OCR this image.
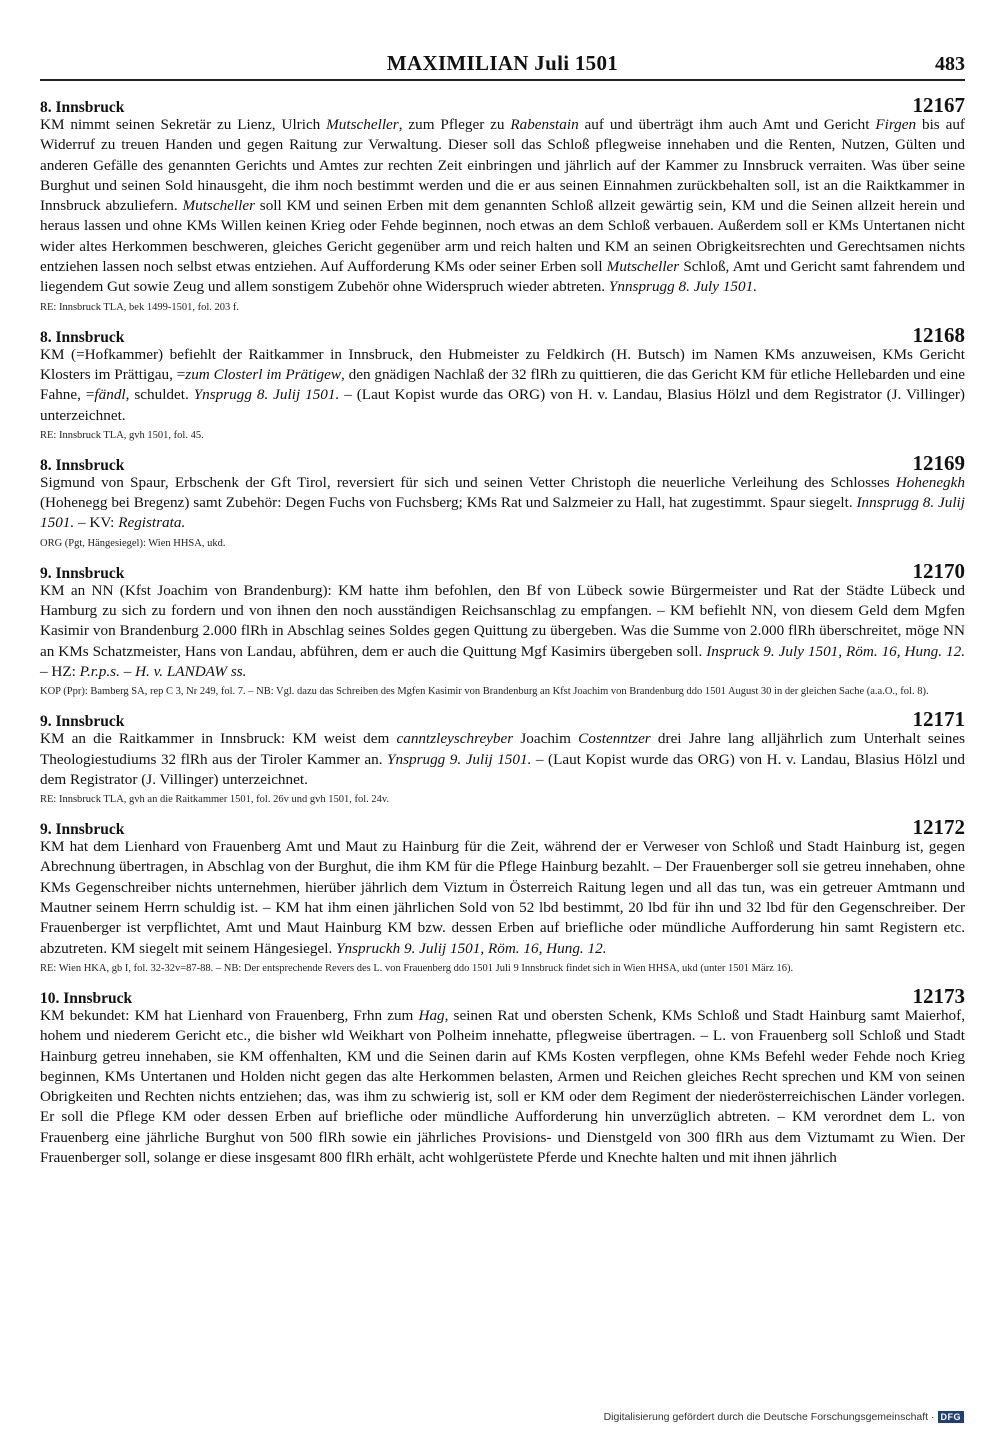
MAXIMILIAN Juli 1501	483
8. Innsbruck	12167
KM nimmt seinen Sekretär zu Lienz, Ulrich Mutscheller, zum Pfleger zu Rabenstain auf und überträgt ihm auch Amt und Gericht Firgen bis auf Widerruf zu treuen Handen und gegen Raitung zur Verwaltung. Dieser soll das Schloß pflegweise innehaben und die Renten, Nutzen, Gülten und anderen Gefälle des genannten Gerichts und Amtes zur rechten Zeit einbringen und jährlich auf der Kammer zu Innsbruck verraiten. Was über seine Burghut und seinen Sold hinausgeht, die ihm noch bestimmt werden und die er aus seinen Einnahmen zurückbehalten soll, ist an die Raiktkammer in Innsbruck abzuliefern. Mutscheller soll KM und seinen Erben mit dem genannten Schloß allzeit gewärtig sein, KM und die Seinen allzeit herein und heraus lassen und ohne KMs Willen keinen Krieg oder Fehde beginnen, noch etwas an dem Schloß verbauen. Außerdem soll er KMs Untertanen nicht wider altes Herkommen beschweren, gleiches Gericht gegenüber arm und reich halten und KM an seinen Obrigkeitsrechten und Gerechtsamen nichts entziehen lassen noch selbst etwas entziehen. Auf Aufforderung KMs oder seiner Erben soll Mutscheller Schloß, Amt und Gericht samt fahrendem und liegendem Gut sowie Zeug und allem sonstigem Zubehör ohne Widerspruch wieder abtreten. Ynnsprugg 8. July 1501.
RE: Innsbruck TLA, bek 1499-1501, fol. 203 f.
8. Innsbruck	12168
KM (=Hofkammer) befiehlt der Raitkammer in Innsbruck, den Hubmeister zu Feldkirch (H. Butsch) im Namen KMs anzuweisen, KMs Gericht Klosters im Prättigau, =zum Closterl im Prätigew, den gnädigen Nachlaß der 32 flRh zu quittieren, die das Gericht KM für etliche Hellebarden und eine Fahne, =fändl, schuldet. Ynsprugg 8. Julij 1501. – (Laut Kopist wurde das ORG) von H. v. Landau, Blasius Hölzl und dem Registrator (J. Villinger) unterzeichnet.
RE: Innsbruck TLA, gvh 1501, fol. 45.
8. Innsbruck	12169
Sigmund von Spaur, Erbschenk der Gft Tirol, reversiert für sich und seinen Vetter Christoph die neuerliche Verleihung des Schlosses Hohenegkh (Hohenegg bei Bregenz) samt Zubehör: Degen Fuchs von Fuchsberg; KMs Rat und Salzmeier zu Hall, hat zugestimmt. Spaur siegelt. Innsprugg 8. Julij 1501. – KV: Registrata.
ORG (Pgt, Hängesiegel): Wien HHSA, ukd.
9. Innsbruck	12170
KM an NN (Kfst Joachim von Brandenburg): KM hatte ihm befohlen, den Bf von Lübeck sowie Bürgermeister und Rat der Städte Lübeck und Hamburg zu sich zu fordern und von ihnen den noch ausständigen Reichsanschlag zu empfangen. – KM befiehlt NN, von diesem Geld dem Mgfen Kasimir von Brandenburg 2.000 flRh in Abschlag seines Soldes gegen Quittung zu übergeben. Was die Summe von 2.000 flRh überschreitet, möge NN an KMs Schatzmeister, Hans von Landau, abführen, dem er auch die Quittung Mgf Kasimirs übergeben soll. Inspruck 9. July 1501, Röm. 16, Hung. 12. – HZ: P.r.p.s. – H. v. LANDAW ss.
KOP (Ppr): Bamberg SA, rep C 3, Nr 249, fol. 7. – NB: Vgl. dazu das Schreiben des Mgfen Kasimir von Brandenburg an Kfst Joachim von Brandenburg ddo 1501 August 30 in der gleichen Sache (a.a.O., fol. 8).
9. Innsbruck	12171
KM an die Raitkammer in Innsbruck: KM weist dem canntzleyschreyber Joachim Costenntzer drei Jahre lang alljährlich zum Unterhalt seines Theologiestudiums 32 flRh aus der Tiroler Kammer an. Ynsprugg 9. Julij 1501. – (Laut Kopist wurde das ORG) von H. v. Landau, Blasius Hölzl und dem Registrator (J. Villinger) unterzeichnet.
RE: Innsbruck TLA, gvh an die Raitkammer 1501, fol. 26v und gvh 1501, fol. 24v.
9. Innsbruck	12172
KM hat dem Lienhard von Frauenberg Amt und Maut zu Hainburg für die Zeit, während der er Verweser von Schloß und Stadt Hainburg ist, gegen Abrechnung übertragen, in Abschlag von der Burghut, die ihm KM für die Pflege Hainburg bezahlt. – Der Frauenberger soll sie getreu innehaben, ohne KMs Gegenschreiber nichts unternehmen, hierüber jährlich dem Viztum in Österreich Raitung legen und all das tun, was ein getreuer Amtmann und Mautner seinem Herrn schuldig ist. – KM hat ihm einen jährlichen Sold von 52 lbd bestimmt, 20 lbd für ihn und 32 lbd für den Gegenschreiber. Der Frauenberger ist verpflichtet, Amt und Maut Hainburg KM bzw. dessen Erben auf briefliche oder mündliche Aufforderung hin samt Registern etc. abzutreten. KM siegelt mit seinem Hängesiegel. Ynspruckh 9. Julij 1501, Röm. 16, Hung. 12.
RE: Wien HKA, gb I, fol. 32-32v=87-88. – NB: Der entsprechende Revers des L. von Frauenberg ddo 1501 Juli 9 Innsbruck findet sich in Wien HHSA, ukd (unter 1501 März 16).
10. Innsbruck	12173
KM bekundet: KM hat Lienhard von Frauenberg, Frhn zum Hag, seinen Rat und obersten Schenk, KMs Schloß und Stadt Hainburg samt Maierhof, hohem und niederem Gericht etc., die bisher wld Weikhart von Polheim innehatte, pflegweise übertragen. – L. von Frauenberg soll Schloß und Stadt Hainburg getreu innehaben, sie KM offenhalten, KM und die Seinen darin auf KMs Kosten verpflegen, ohne KMs Befehl weder Fehde noch Krieg beginnen, KMs Untertanen und Holden nicht gegen das alte Herkommen belasten, Armen und Reichen gleiches Recht sprechen und KM von seinen Obrigkeiten und Rechten nichts entziehen; das, was ihm zu schwierig ist, soll er KM oder dem Regiment der niederösterreichischen Länder vorlegen. Er soll die Pflege KM oder dessen Erben auf briefliche oder mündliche Aufforderung hin unverzüglich abtreten. – KM verordnet dem L. von Frauenberg eine jährliche Burghut von 500 flRh sowie ein jährliches Provisions- und Dienstgeld von 300 flRh aus dem Viztumamt zu Wien. Der Frauenberger soll, solange er diese insgesamt 800 flRh erhält, acht wohlgerüstete Pferde und Knechte halten und mit ihnen jährlich
Digitalisierung gefördert durch die Deutsche Forschungsgemeinschaft · DFG
